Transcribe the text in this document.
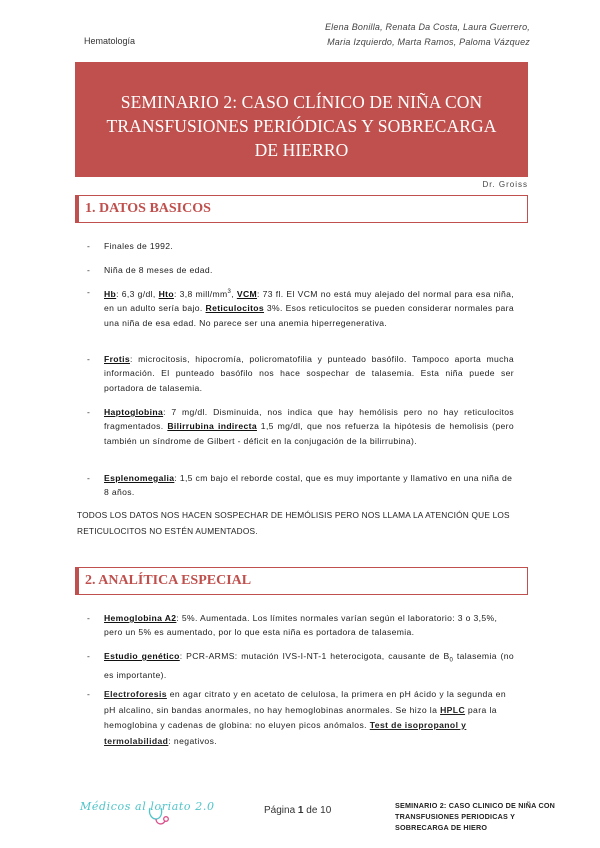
Hematología
Elena Bonilla, Renata Da Costa, Laura Guerrero,
Maria Izquierdo, Marta Ramos, Paloma Vázquez
SEMINARIO 2: CASO CLÍNICO DE NIÑA CON
TRANSFUSIONES PERIÓDICAS Y SOBRECARGA
DE HIERRO
Dr. Groiss
1. DATOS BASICOS
- Finales de 1992.
- Niña de 8 meses de edad.
- Hb: 6,3 g/dl, Hto: 3,8 mill/$mm^3$, VCM: 73 fl. El VCM no está muy alejado del normal para esa niña, en un adulto sería bajo. Reticulocitos 3%. Esos reticulocitos se pueden considerar normales para una niña de esa edad. No parece ser una anemia hiperregenerativa.
- Frotis: microcitosis, hipocromía, policromatofilia y punteado basófilo. Tampoco aporta mucha información. El punteado basófilo nos hace sospechar de talasemia. Esta niña puede ser portadora de talasemia.
- Haptoglobina: 7 mg/dl. Disminuida, nos indica que hay hemólisis pero no hay reticulocitos fragmentados. Bilirrubina indirecta 1,5 mg/dl, que nos refuerza la hipótesis de hemolisis (pero también un síndrome de Gilbert - déficit en la conjugación de la bilirrubina).
- Esplenomegalia: 1,5 cm bajo el reborde costal, que es muy importante y llamativo en una niña de 8 años.
TODOS LOS DATOS NOS HACEN SOSPECHAR DE HEMÓLISIS PERO NOS LLAMA LA ATENCIÓN QUE LOS RETICULOCITOS NO ESTÉN AUMENTADOS.
2. ANALÍTICA ESPECIAL
- Hemoglobina A2: 5%. Aumentada. Los límites normales varían según el laboratorio: 3 o 3,5%, pero un 5% es aumentado, por lo que esta niña es portadora de talasemia.
- Estudio genético: PCR-ARMS: mutación IVS-I-NT-1 heterocigota, causante de $B_0$ talasemia (no es importante).
- Electroforesis en agar citrato y en acetato de celulosa, la primera en pH ácido y la segunda en pH alcalino, sin bandas anormales, no hay hemoglobinas anormales. Se hizo la HPLC para la hemoglobina y cadenas de globina: no eluyen picos anómalos. Test de isopropanol y termolabilidad: negativos.
Médicos al loriato 2.0	Página 1 de 10	SEMINARIO 2: CASO CLINICO DE NIÑA CON
TRANSFUSIONES PERIODICAS Y
SOBRECARGA DE HIERO
